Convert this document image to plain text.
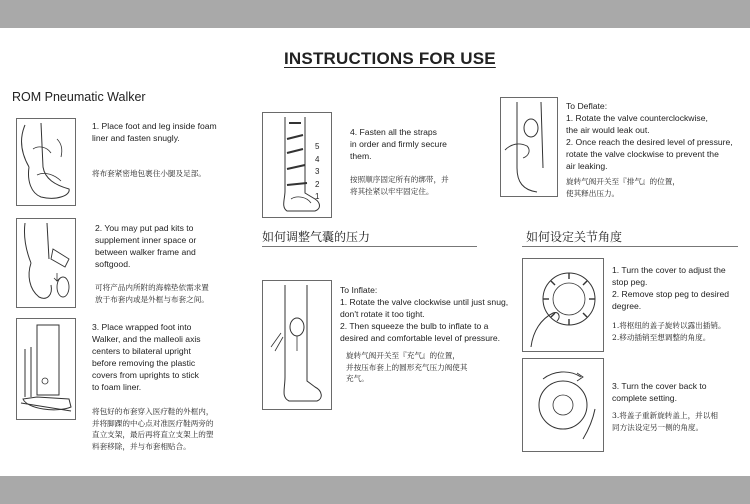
INSTRUCTIONS FOR USE
ROM Pneumatic Walker
1. Place foot and leg inside foam
liner and fasten snugly.
将布套紧密地包裹住小腿及足部。
2. You may put pad kits to
supplement inner space or
between walker frame and
softgood.
可将产品内所附的海棉垫依需求置
放于布套内或是外框与布套之间。
3. Place wrapped foot into
Walker, and the malleoli axis
centers to bilateral upright
before removing the plastic
covers from uprights to stick
to foam liner.
将包好的布套穿入医疗鞋的外框内，
并将脚踝的中心点对准医疗鞋两旁的
直立支架，最后再将直立支架上的塑
料套移除，并与布套相贴合。
5
4
3
2
1
4. Fasten all the straps
in order and firmly secure
them.
按照顺序固定所有的绑带，并
将其拴紧以牢牢固定住。
如何调整气囊的压力
To Inflate:
1. Rotate the valve clockwise until just snug,
don't rotate it too tight.
2. Then squeeze the bulb to inflate to a
desired and comfortable level of pressure.
旋转气阀开关至『充气』的位置，
并按压布套上的圆形充气压力阀使其
充气。
To Deflate:
1. Rotate the valve counterclockwise,
the air would leak out.
2. Once reach the desired level of pressure,
rotate the valve clockwise to prevent the
air leaking.
旋转气阀开关至『排气』的位置，
使其释出压力。
如何设定关节角度
1. Turn the cover to adjust the
stop peg.
2. Remove stop peg to desired
degree.
1.将枢纽的盖子旋转以露出插销。
2.移动插销至想调整的角度。
3. Turn the cover back to
complete setting.
3.将盖子重新旋转盖上，并以相
同方法设定另一侧的角度。
